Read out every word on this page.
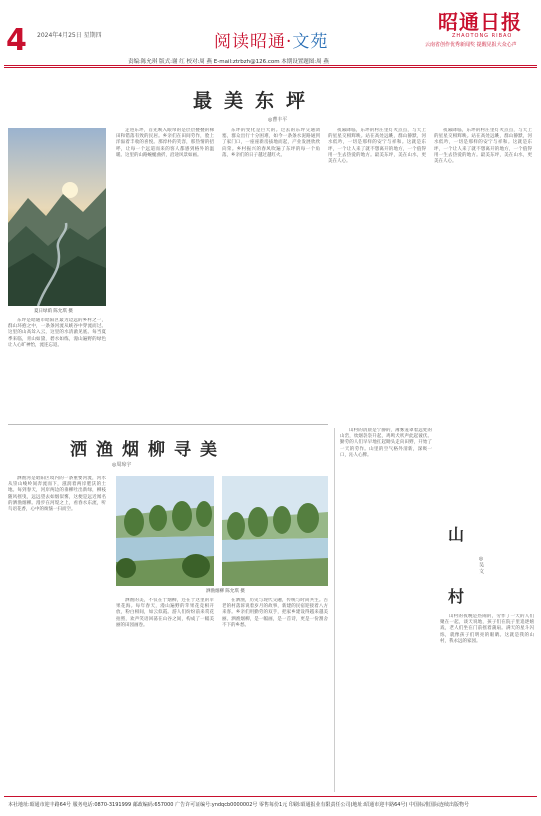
4 2024年4月25日 星期四	阅读昭通·文苑
昭通日报
ZHAOTONG RIBAO
云南省创作优秀新闻奖 提醒见报大众心声
责编:陈允琪 版式:谢 红 校对:周 燕 E-mail:ztrbzh@126.com 本期设置题图:周 燕
最美东坪
◎曹丰平
夏日绿荫 陈允琪 摄

东坪是昭通市昭阳区最为边远的乡村之一，群山环抱之中，一条条河流从峡谷中穿流而过。这里的山高耸入云，这里的水清澈见底。每当夏季来临，青山如黛，碧水如练，漫山遍野的绿色让人心旷神怡，流连忘返。

走进东坪，首先映入眼帘的是层层叠叠的梯田和错落有致的民居。乡亲们在田间劳作，脸上洋溢着丰收的喜悦。那淳朴的笑容，那热情的招呼，让每一个远道而来的客人都感到格外的温暖。这里的山路蜿蜒曲折，沿途风景如画。

东坪的变化是巨大的。过去的东坪交通闭塞，群众出行十分困难，如今一条条水泥路通到了家门口，一座座新房拔地而起，产业发展欣欣向荣。乡村振兴的春风吹遍了东坪的每一个角落，乡亲们的日子越过越红火。

夜幕降临，东坪的村庄里灯火点点，与天上的星星交相辉映。站在高处远眺，群山静默，河水低吟，一切是那样的安宁与祥和。这就是东坪，一个让人来了就不想离开的地方，一个值得用一生去热爱的地方。最美东坪，美在山水，更美在人心。

夜幕降临，东坪的村庄里灯火点点，与天上的星星交相辉映。站在高处远眺，群山静默，河水低吟，一切是那样的安宁与祥和。这就是东坪，一个让人来了就不想离开的地方，一个值得用一生去热爱的地方。最美东坪，美在山水，更美在人心。

洒渔烟柳寻美
◎周琼宇

洒渔河是昭阳区境内的一条重要河流，河水从崇山峻岭间奔流而下，滋润着两岸肥沃的土地。每到春天，河岸两边的垂柳吐出新绿，柳枝随风摇曳，远远望去如烟似雾，这便是远近闻名的洒渔烟柳。漫步在河堤之上，看春水东流，听鸟语花香，心中的烦恼一扫而空。

洒渔烟柳 陈允琪 摄

洒渔的美，不仅在于烟柳，还在于这里的苹果花海。每年春天，漫山遍野的苹果花竞相开放，粉白相间，如云似霞。游人们纷纷前来赏花拍照，欢声笑语回荡在山谷之间，构成了一幅美丽的田园画卷。

在洒渔，历史与现代交融，传统与时尚共生。古老的村落诉说着岁月的故事，新建的民宿迎接着八方来客。乡亲们用勤劳的双手，把家乡建设得越来越美丽。洒渔烟柳，是一幅画，是一首诗，更是一份割舍不下的乡愁。

山村的清晨是宁静的，薄雾笼罩着远处的山峦，炊烟袅袅升起，鸡鸣犬吠声此起彼伏。勤劳的人们早早地扛起锄头走向田野，开始了一天的劳作。山里的空气格外清新，深吸一口，沁人心脾。

山
◎吴 文
村

山村的夜晚是热闹的，劳作了一天的人们聚在一起，谈天说地，孩子们在院子里追逐嬉戏，老人们坐在门前摇着蒲扇。满天的星斗闪烁，就像孩子们明亮的眼睛。这就是我的山村，我永远的家园。

本社地址:昭通市迎丰路64号 服务电话:0870-3191999 邮政编码:657000 广告许可证编号:yndqcb0000002号 零售每份1元 印刷:昭通报业有限责任公司(地址:昭通市迎丰路64号) 中国标准国际连续出版物号
